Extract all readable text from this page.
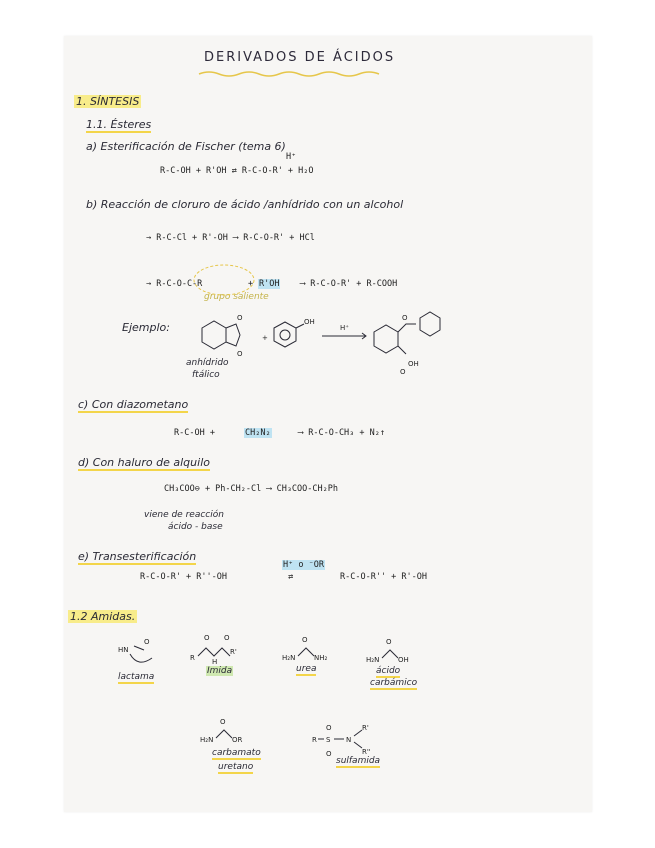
DERIVADOS DE ÁCIDOS
1. SÍNTESIS
1.1. Ésteres
a) Esterificación de Fischer (tema 6)
H⁺
R-C-OH + R'OH ⇄ R-C-O-R' + H₂O
b) Reacción de cloruro de ácido /anhídrido con un alcohol
→ R-C-Cl + R'-OH ⟶ R-C-O-R' + HCl
→ R-C-O-C-R	+ R'OH ⟶ R-C-O-R' + R-COOH
grupo saliente
Ejemplo:
O
O
+
OH
H⁺
O
OH
O
anhídrido
ftálico
c) Con diazometano
R-C-OH +	CH₂N₂	⟶ R-C-O-CH₃ + N₂↑
d) Con haluro de alquilo
CH₃COO⊖ + Ph-CH₂-Cl ⟶ CH₃COO-CH₂Ph
viene de reacción
ácido - base
e) Transesterificación
R-C-O-R' + R''-OH
H⁺ o ⁻OR
⇄	R-C-O-R'' + R'-OH
1.2 Amidas.
HN
O
R
O O
H
R'
H₂N
O
NH₂	H₂N
O
OH
H₂N
O
OR	R S
O
O
N
R'
R''
lactama
Imida	urea	ácido
carbámico
carbamato
uretano
sulfamida
